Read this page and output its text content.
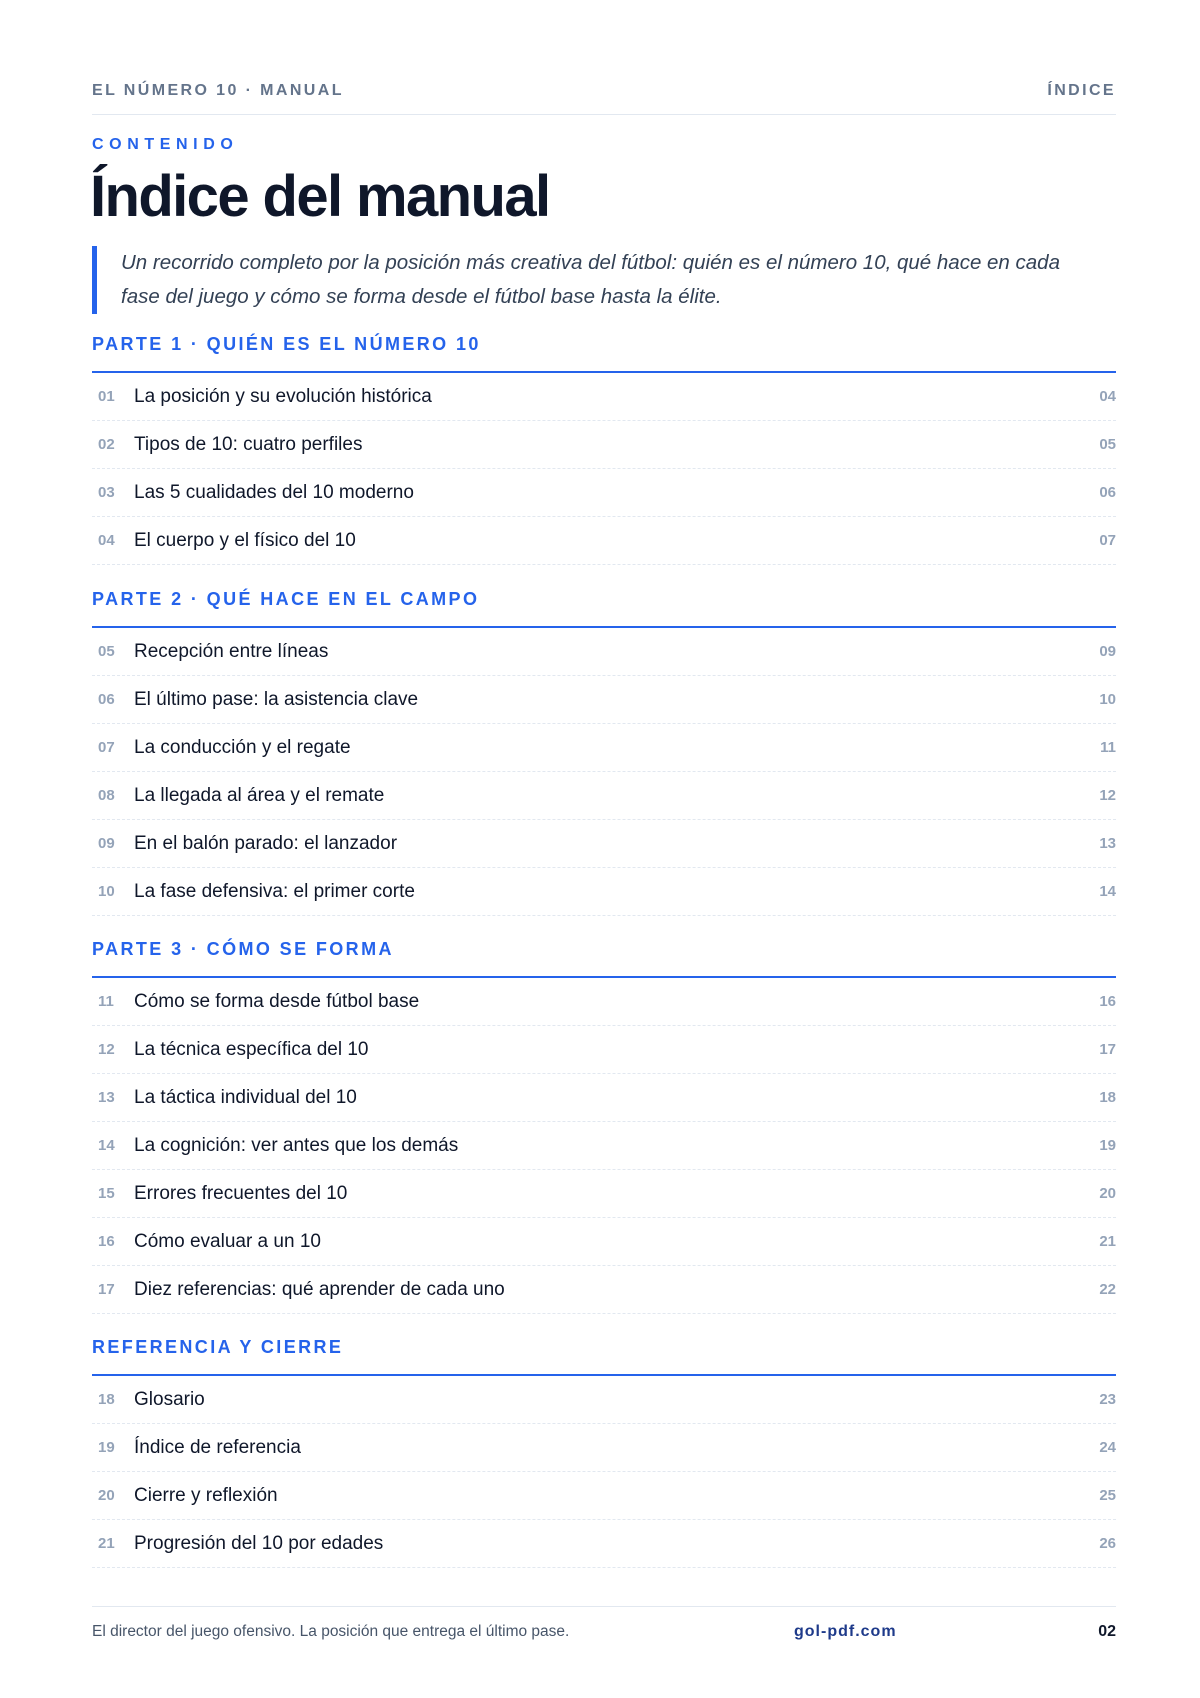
EL NÚMERO 10 · MANUAL	ÍNDICE
CONTENIDO
Índice del manual
Un recorrido completo por la posición más creativa del fútbol: quién es el número 10, qué hace en cada fase del juego y cómo se forma desde el fútbol base hasta la élite.
PARTE 1 · QUIÉN ES EL NÚMERO 10
01	La posición y su evolución histórica	04
02	Tipos de 10: cuatro perfiles	05
03	Las 5 cualidades del 10 moderno	06
04	El cuerpo y el físico del 10	07
PARTE 2 · QUÉ HACE EN EL CAMPO
05	Recepción entre líneas	09
06	El último pase: la asistencia clave	10
07	La conducción y el regate	11
08	La llegada al área y el remate	12
09	En el balón parado: el lanzador	13
10	La fase defensiva: el primer corte	14
PARTE 3 · CÓMO SE FORMA
11	Cómo se forma desde fútbol base	16
12	La técnica específica del 10	17
13	La táctica individual del 10	18
14	La cognición: ver antes que los demás	19
15	Errores frecuentes del 10	20
16	Cómo evaluar a un 10	21
17	Diez referencias: qué aprender de cada uno	22
REFERENCIA Y CIERRE
18	Glosario	23
19	Índice de referencia	24
20	Cierre y reflexión	25
21	Progresión del 10 por edades	26
El director del juego ofensivo. La posición que entrega el último pase.	gol-pdf.com	02
